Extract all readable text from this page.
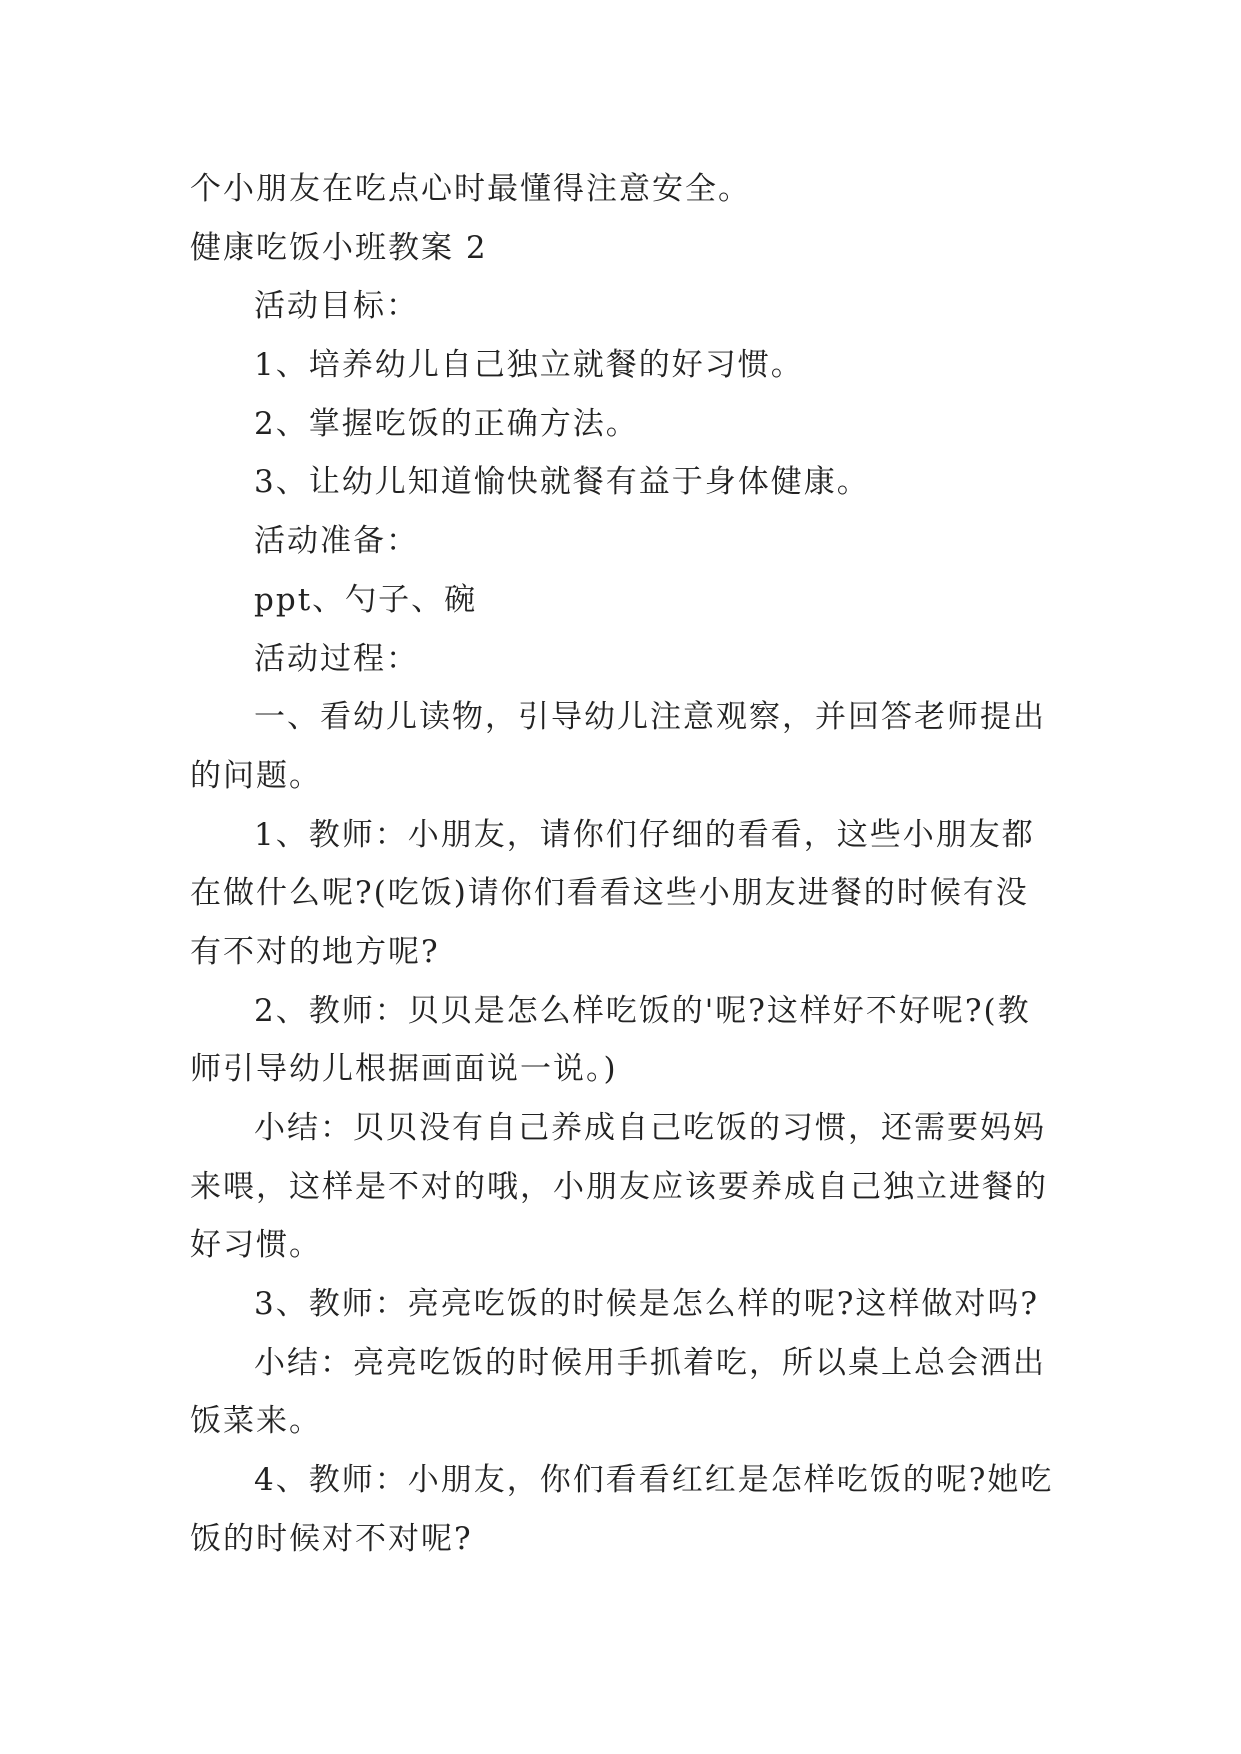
个小朋友在吃点心时最懂得注意安全。
健康吃饭小班教案 2
活动目标：
1、培养幼儿自己独立就餐的好习惯。
2、掌握吃饭的正确方法。
3、让幼儿知道愉快就餐有益于身体健康。
活动准备：
ppt、勺子、碗
活动过程：
一、看幼儿读物，引导幼儿注意观察，并回答老师提出
的问题。
1、教师：小朋友，请你们仔细的看看，这些小朋友都
在做什么呢?(吃饭)请你们看看这些小朋友进餐的时候有没
有不对的地方呢?
2、教师：贝贝是怎么样吃饭的'呢?这样好不好呢?(教
师引导幼儿根据画面说一说。)
小结：贝贝没有自己养成自己吃饭的习惯，还需要妈妈
来喂，这样是不对的哦，小朋友应该要养成自己独立进餐的
好习惯。
3、教师：亮亮吃饭的时候是怎么样的呢?这样做对吗?
小结：亮亮吃饭的时候用手抓着吃，所以桌上总会洒出
饭菜来。
4、教师：小朋友，你们看看红红是怎样吃饭的呢?她吃
饭的时候对不对呢?
